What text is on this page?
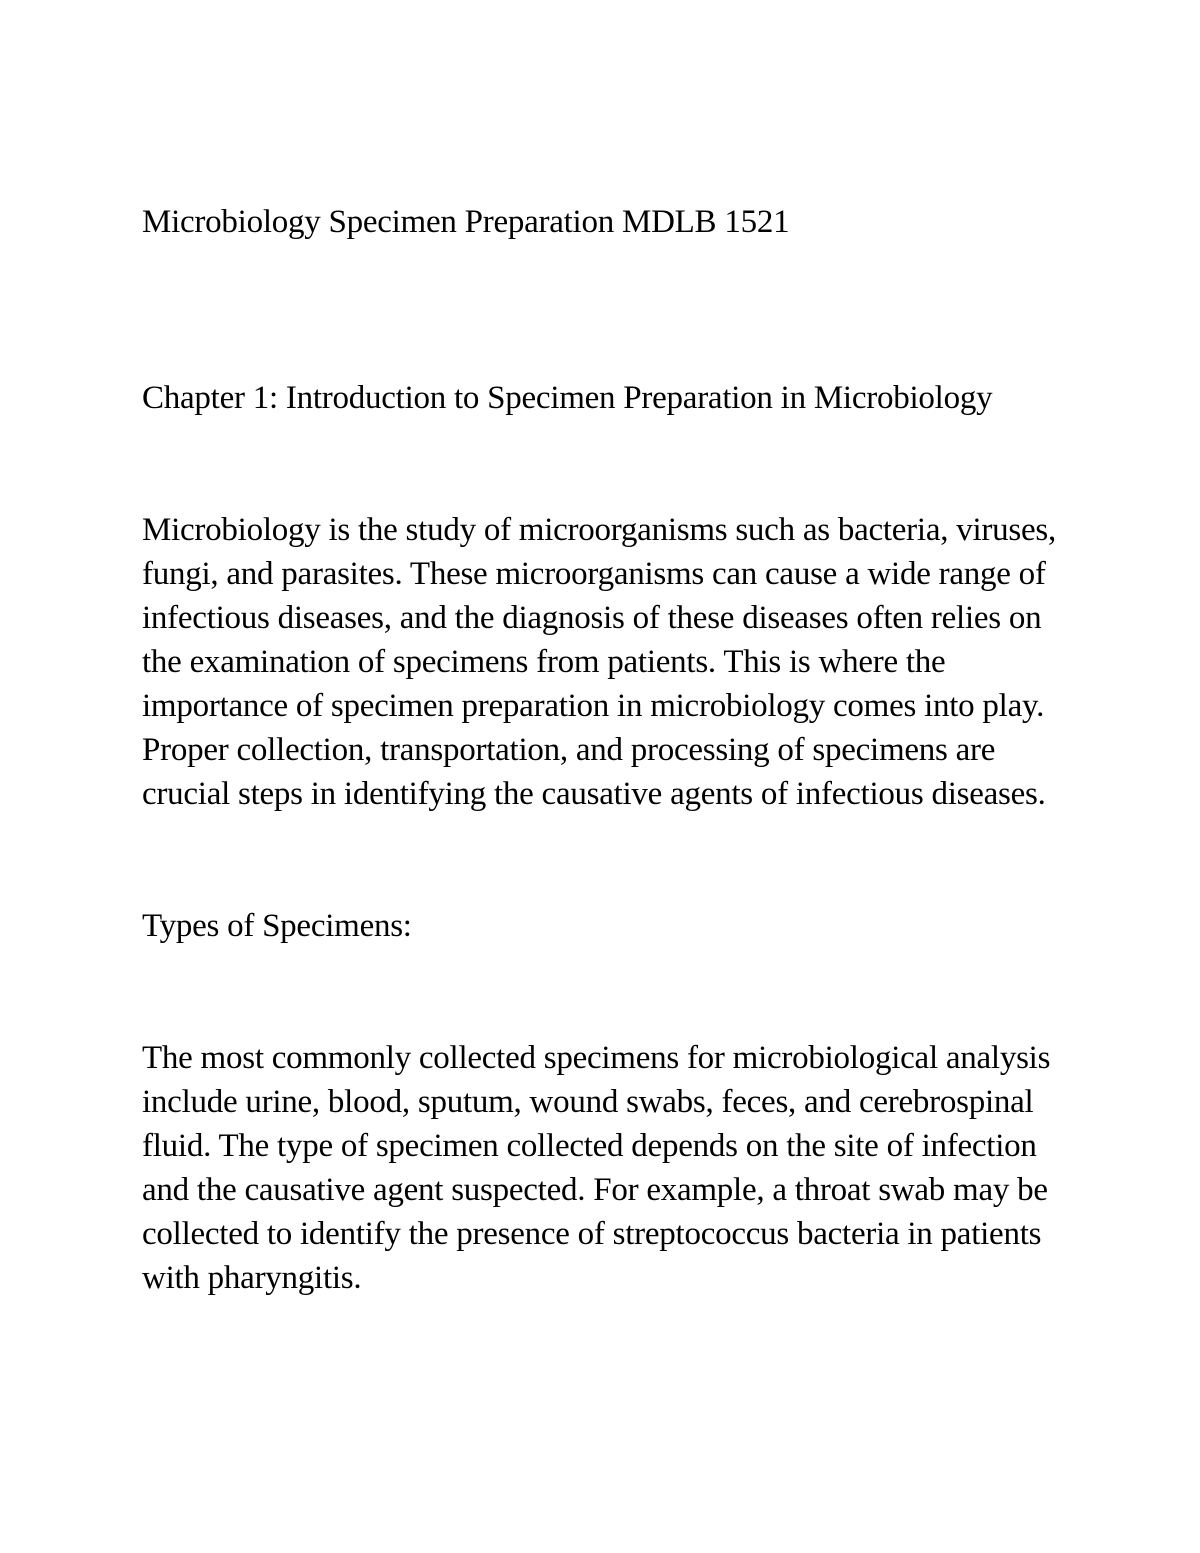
Microbiology Specimen Preparation MDLB 1521

Chapter 1: Introduction to Specimen Preparation in Microbiology

Microbiology is the study of microorganisms such as bacteria, viruses, fungi, and parasites. These microorganisms can cause a wide range of infectious diseases, and the diagnosis of these diseases often relies on the examination of specimens from patients. This is where the importance of specimen preparation in microbiology comes into play. Proper collection, transportation, and processing of specimens are crucial steps in identifying the causative agents of infectious diseases.

Types of Specimens:

The most commonly collected specimens for microbiological analysis include urine, blood, sputum, wound swabs, feces, and cerebrospinal fluid. The type of specimen collected depends on the site of infection and the causative agent suspected. For example, a throat swab may be collected to identify the presence of streptococcus bacteria in patients with pharyngitis.
